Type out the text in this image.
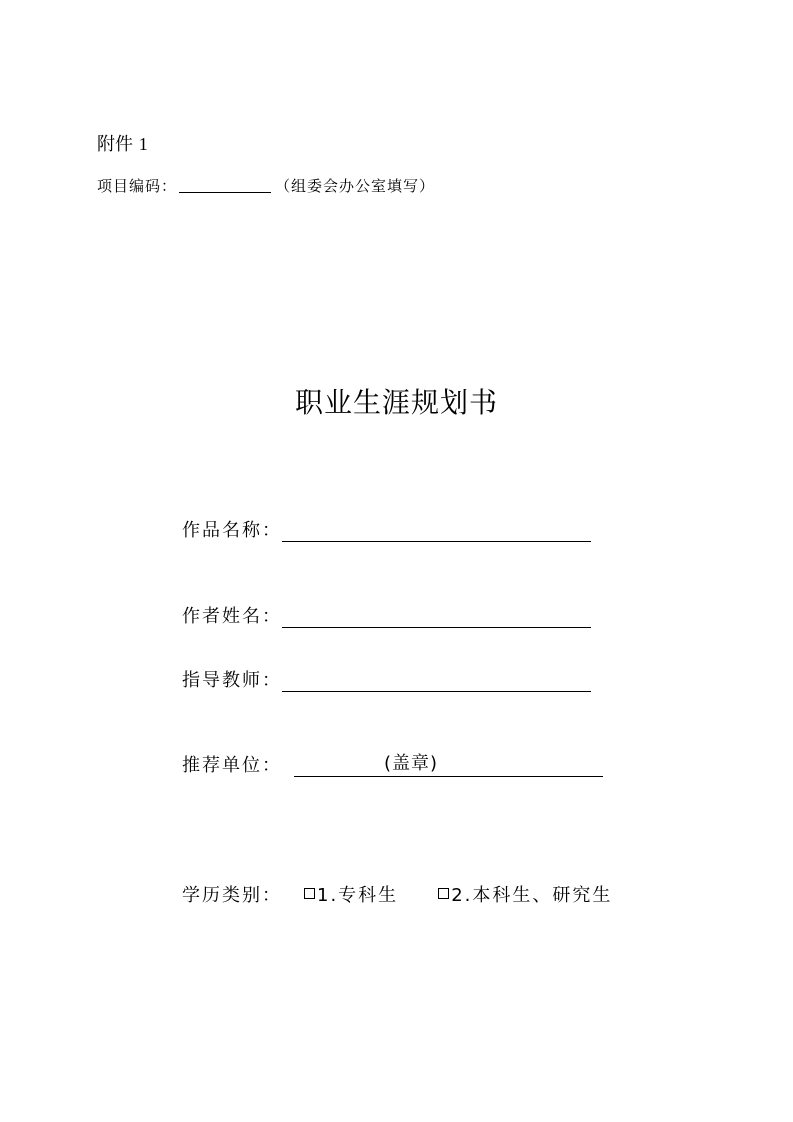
附件 1
项目编码：	（组委会办公室填写）
职业生涯规划书
作品名称：
作者姓名：
指导教师：
推荐单位：	(盖章)
学历类别：	1.专科生	2.本科生、研究生
